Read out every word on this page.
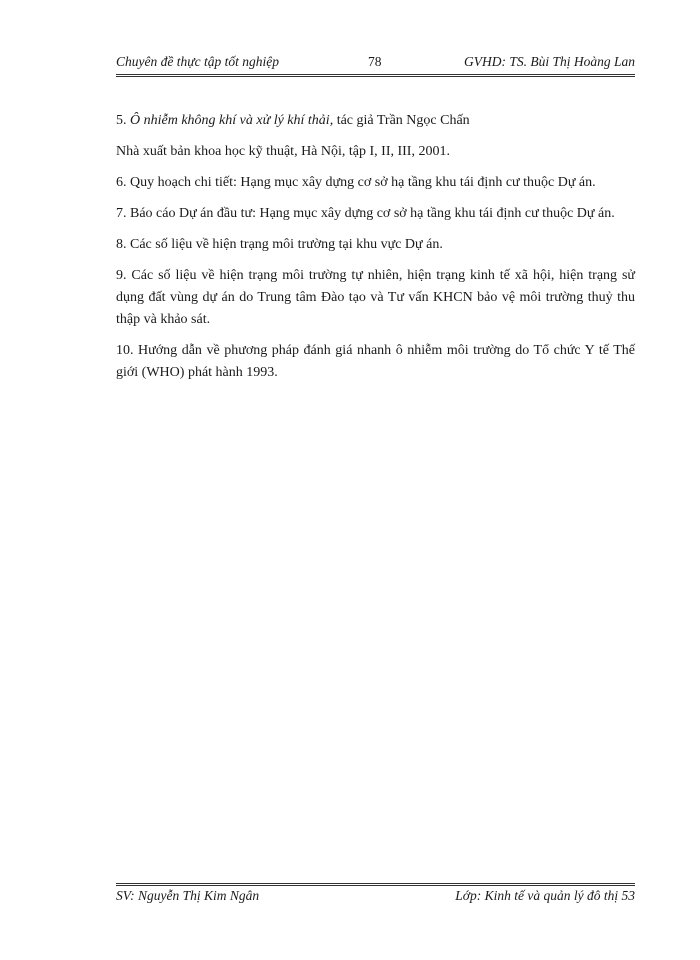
Chuyên đề thực tập tốt nghiệp	78	GVHD: TS. Bùi Thị Hoàng Lan

5. Ô nhiễm không khí và xử lý khí thải, tác giả Trần Ngọc Chấn

Nhà xuất bản khoa học kỹ thuật, Hà Nội, tập I, II, III, 2001.

6. Quy hoạch chi tiết: Hạng mục xây dựng cơ sở hạ tầng khu tái định cư thuộc Dự án.

7. Báo cáo Dự án đầu tư: Hạng mục xây dựng cơ sở hạ tầng khu tái định cư thuộc Dự án.

8. Các số liệu về hiện trạng môi trường tại khu vực Dự án.

9. Các số liệu về hiện trạng môi trường tự nhiên, hiện trạng kinh tế xã hội, hiện trạng sử dụng đất vùng dự án do Trung tâm Đào tạo và Tư vấn KHCN bảo vệ môi trường thuỷ thu thập và khảo sát.

10. Hướng dẫn về phương pháp đánh giá nhanh ô nhiễm môi trường do Tổ chức Y tế Thế giới (WHO) phát hành 1993.

SV: Nguyễn Thị Kim Ngân	Lớp: Kinh tế và quản lý đô thị 53
